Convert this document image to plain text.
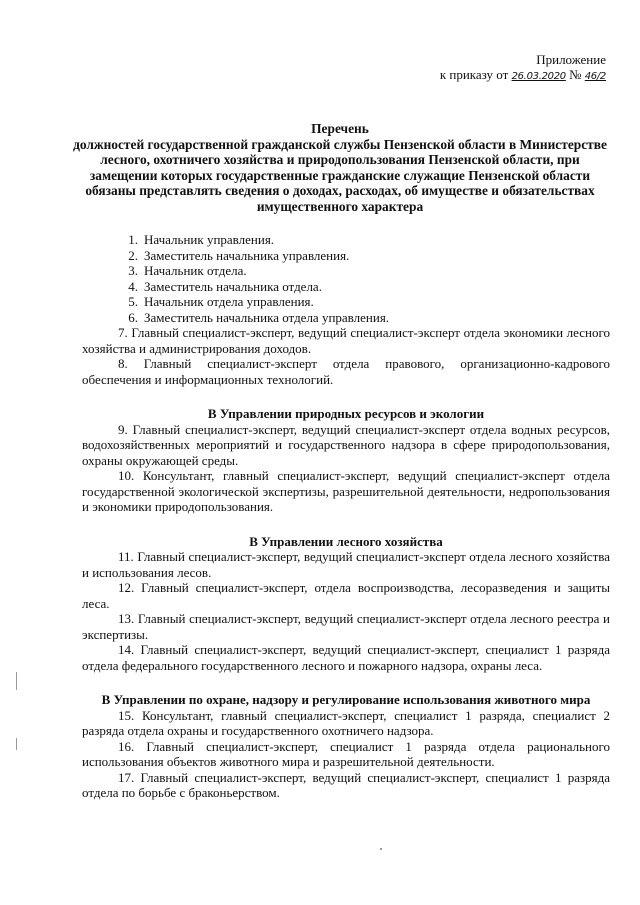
Приложение
к приказу от 26.03.2020 № 46/2
Перечень
должностей государственной гражданской службы Пензенской области в Министерстве лесного, охотничего хозяйства и природопользования Пензенской области, при замещении которых государственные гражданские служащие Пензенской области обязаны представлять сведения о доходах, расходах, об имуществе и обязательствах имущественного характера
1. Начальник управления.
2. Заместитель начальника управления.
3. Начальник отдела.
4. Заместитель начальника отдела.
5. Начальник отдела управления.
6. Заместитель начальника отдела управления.
7. Главный специалист-эксперт, ведущий специалист-эксперт отдела экономики лесного хозяйства и администрирования доходов.
8. Главный специалист-эксперт отдела правового, организационно-кадрового обеспечения и информационных технологий.
В Управлении природных ресурсов и экологии
9. Главный специалист-эксперт, ведущий специалист-эксперт отдела водных ресурсов, водохозяйственных мероприятий и государственного надзора в сфере природопользования, охраны окружающей среды.
10. Консультант, главный специалист-эксперт, ведущий специалист-эксперт отдела государственной экологической экспертизы, разрешительной деятельности, недропользования и экономики природопользования.
В Управлении лесного хозяйства
11. Главный специалист-эксперт, ведущий специалист-эксперт отдела лесного хозяйства и использования лесов.
12. Главный специалист-эксперт, отдела воспроизводства, лесоразведения и защиты леса.
13. Главный специалист-эксперт, ведущий специалист-эксперт отдела лесного реестра и экспертизы.
14. Главный специалист-эксперт, ведущий специалист-эксперт, специалист 1 разряда отдела федерального государственного лесного и пожарного надзора, охраны леса.
В Управлении по охране, надзору и регулирование использования животного мира
15. Консультант, главный специалист-эксперт, специалист 1 разряда, специалист 2 разряда отдела охраны и государственного охотничего надзора.
16. Главный специалист-эксперт, специалист 1 разряда отдела рационального использования объектов животного мира и разрешительной деятельности.
17. Главный специалист-эксперт, ведущий специалист-эксперт, специалист 1 разряда отдела по борьбе с браконьерством.
